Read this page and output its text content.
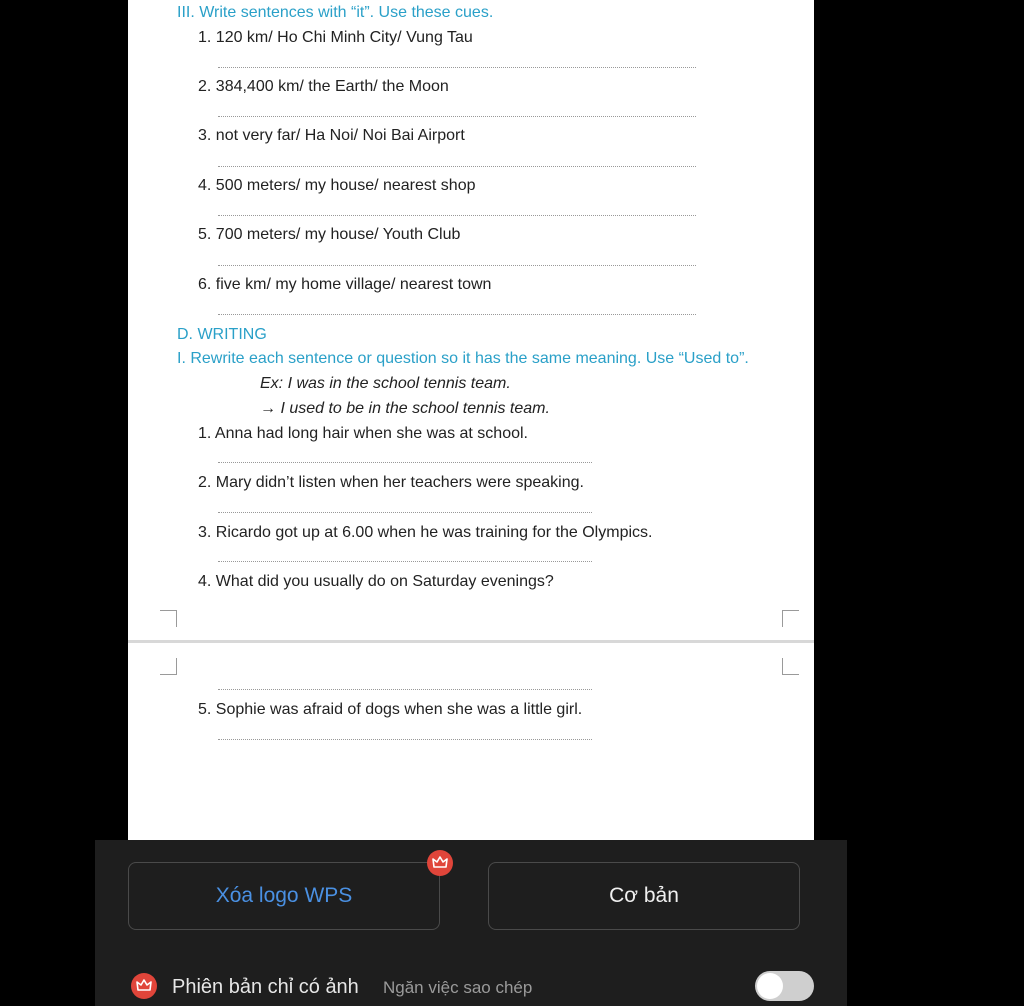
III. Write sentences with “it”. Use these cues.
1. 120 km/ Ho Chi Minh City/ Vung Tau
2. 384,400 km/ the Earth/ the Moon
3. not very far/ Ha Noi/ Noi Bai Airport
4. 500 meters/ my house/ nearest shop
5. 700 meters/ my house/ Youth Club
6. five km/ my home village/ nearest town
D. WRITING
I. Rewrite each sentence or question so it has the same meaning. Use “Used to”.
Ex: I was in the school tennis team.
→ I used to be in the school tennis team.
1. Anna had long hair when she was at school.
2. Mary didn’t listen when her teachers were speaking.
3. Ricardo got up at 6.00 when he was training for the Olympics.
4. What did you usually do on Saturday evenings?
5. Sophie was afraid of dogs when she was a little girl.
Xóa logo WPS	Cơ bản
Phiên bản chỉ có ảnh Ngăn việc sao chép
